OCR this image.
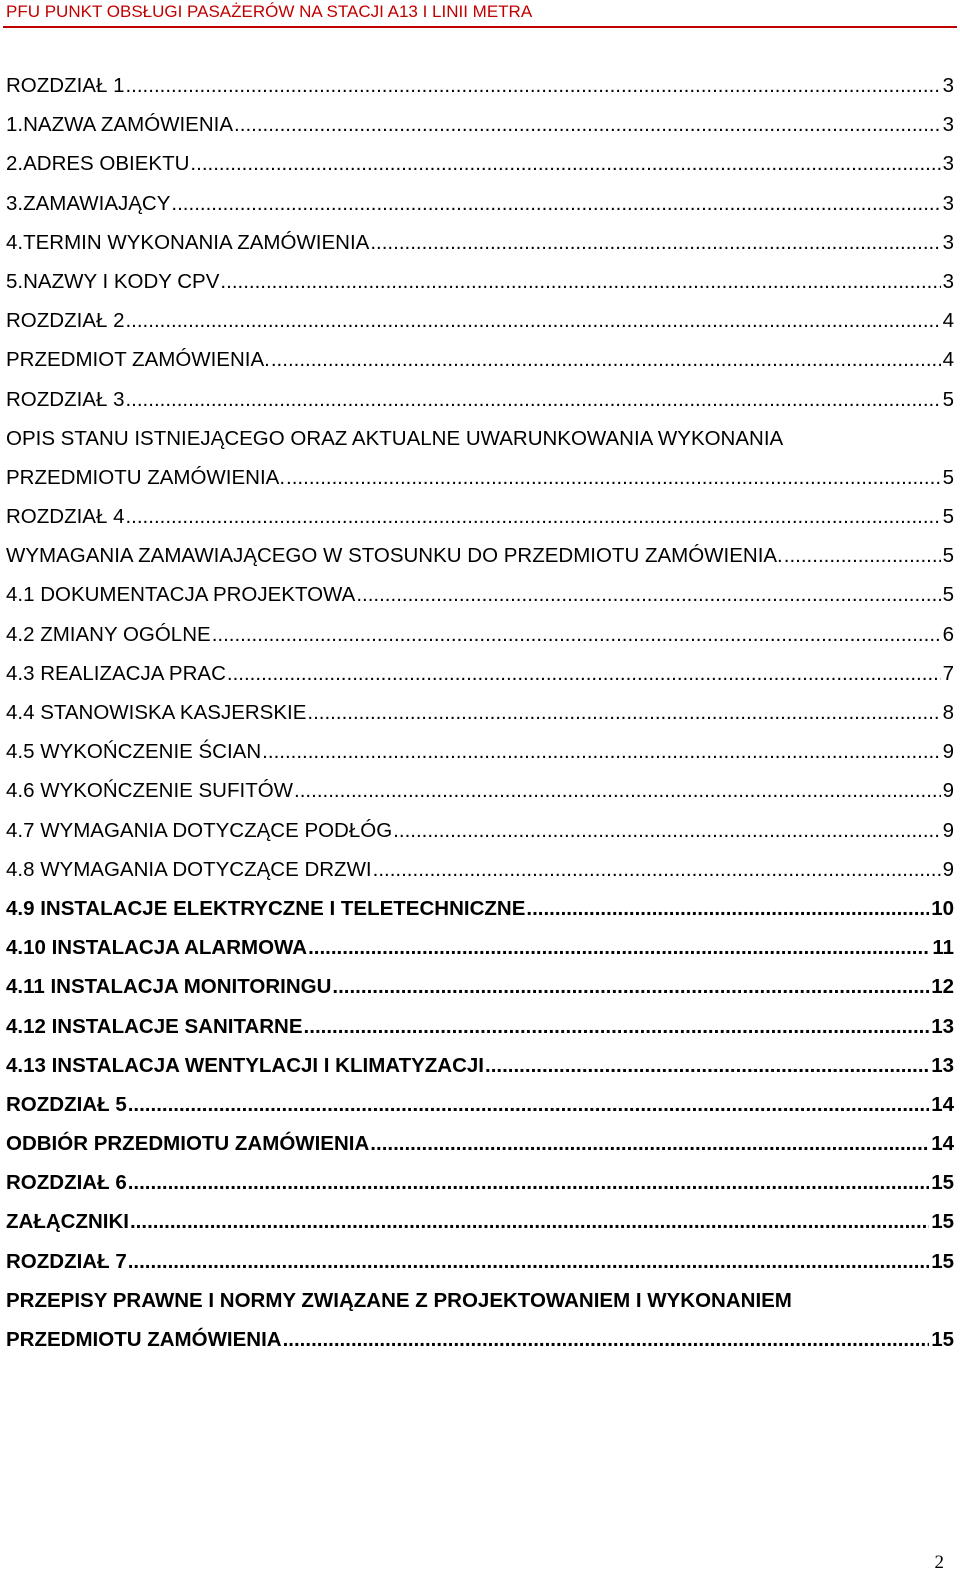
PFU PUNKT OBSŁUGI PASAŻERÓW NA STACJI A13 I LINII METRA
ROZDZIAŁ 1 .....	3
1.NAZWA ZAMÓWIENIA .....	3
2.ADRES OBIEKTU .....	3
3.ZAMAWIAJĄCY .....	3
4.TERMIN WYKONANIA ZAMÓWIENIA .....	3
5.NAZWY I KODY CPV .....	3
ROZDZIAŁ 2 .....	4
PRZEDMIOT ZAMÓWIENIA. .....	4
ROZDZIAŁ 3 .....	5
OPIS STANU ISTNIEJĄCEGO ORAZ AKTUALNE UWARUNKOWANIA WYKONANIA
PRZEDMIOTU ZAMÓWIENIA. .....	5
ROZDZIAŁ 4 .....	5
WYMAGANIA ZAMAWIAJĄCEGO W STOSUNKU DO PRZEDMIOTU ZAMÓWIENIA. .....	5
4.1 DOKUMENTACJA PROJEKTOWA .....	5
4.2 ZMIANY OGÓLNE .....	6
4.3 REALIZACJA PRAC .....	7
4.4 STANOWISKA KASJERSKIE .....	8
4.5 WYKOŃCZENIE ŚCIAN .....	9
4.6 WYKOŃCZENIE SUFITÓW .....	9
4.7 WYMAGANIA DOTYCZĄCE PODŁÓG .....	9
4.8 WYMAGANIA DOTYCZĄCE DRZWI .....	9
4.9 INSTALACJE ELEKTRYCZNE I TELETECHNICZNE .....	10
4.10 INSTALACJA ALARMOWA .....	11
4.11 INSTALACJA MONITORINGU .....	12
4.12 INSTALACJE SANITARNE .....	13
4.13 INSTALACJA WENTYLACJI I KLIMATYZACJI .....	13
ROZDZIAŁ 5 .....	14
ODBIÓR PRZEDMIOTU ZAMÓWIENIA .....	14
ROZDZIAŁ 6 .....	15
ZAŁĄCZNIKI .....	15
ROZDZIAŁ 7 .....	15
PRZEPISY PRAWNE I NORMY ZWIĄZANE Z PROJEKTOWANIEM I WYKONANIEM
PRZEDMIOTU ZAMÓWIENIA .....	15
2
